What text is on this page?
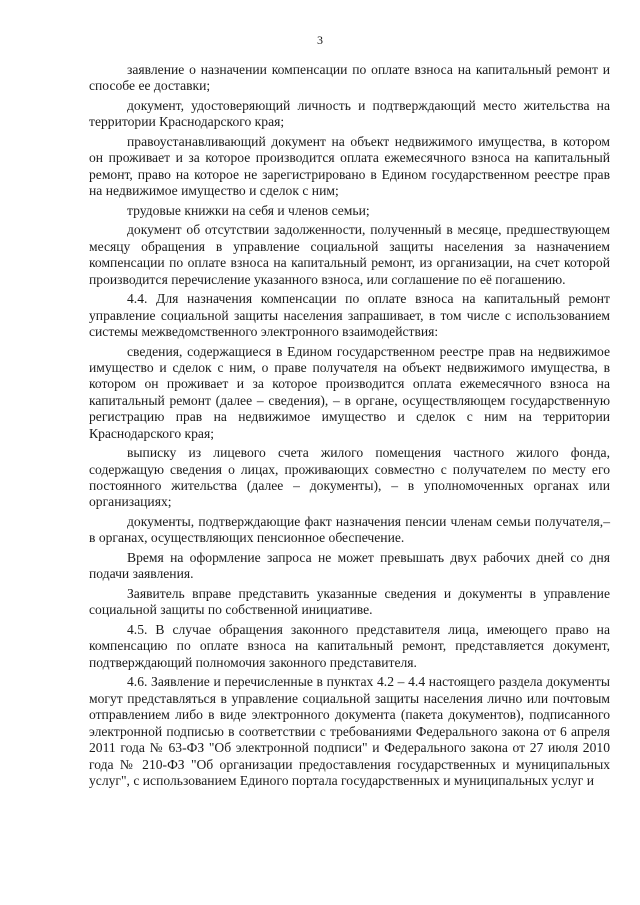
3

заявление о назначении компенсации по оплате взноса на капитальный ремонт и способе ее доставки;

документ, удостоверяющий личность и подтверждающий место жительства на территории Краснодарского края;

правоустанавливающий документ на объект недвижимого имущества, в котором он проживает и за которое производится оплата ежемесячного взноса на капитальный ремонт, право на которое не зарегистрировано в Едином государственном реестре прав на недвижимое имущество и сделок с ним;

трудовые книжки на себя и членов семьи;

документ об отсутствии задолженности, полученный в месяце, предшествующем месяцу обращения в управление социальной защиты населения за назначением компенсации по оплате взноса на капитальный ремонт, из организации, на счет которой производится перечисление указанного взноса, или соглашение по её погашению.

4.4. Для назначения компенсации по оплате взноса на капитальный ремонт управление социальной защиты населения запрашивает, в том числе с использованием системы межведомственного электронного взаимодействия:

сведения, содержащиеся в Едином государственном реестре прав на недвижимое имущество и сделок с ним, о праве получателя на объект недвижимого имущества, в котором он проживает и за которое производится оплата ежемесячного взноса на капитальный ремонт (далее – сведения), – в органе, осуществляющем государственную регистрацию прав на недвижимое имущество и сделок с ним на территории Краснодарского края;

выписку из лицевого счета жилого помещения частного жилого фонда, содержащую сведения о лицах, проживающих совместно с получателем по месту его постоянного жительства (далее – документы), – в уполномоченных органах или организациях;

документы, подтверждающие факт назначения пенсии членам семьи получателя,– в органах, осуществляющих пенсионное обеспечение.

Время на оформление запроса не может превышать двух рабочих дней со дня подачи заявления.

Заявитель вправе представить указанные сведения и документы в управление социальной защиты по собственной инициативе.

4.5. В случае обращения законного представителя лица, имеющего право на компенсацию по оплате взноса на капитальный ремонт, представляется документ, подтверждающий полномочия законного представителя.

4.6. Заявление и перечисленные в пунктах 4.2 – 4.4 настоящего раздела документы могут представляться в управление социальной защиты населения лично или почтовым отправлением либо в виде электронного документа (пакета документов), подписанного электронной подписью в соответствии с требованиями Федерального закона от 6 апреля 2011 года № 63-ФЗ "Об электронной подписи" и Федерального закона от 27 июля 2010 года № 210-ФЗ "Об организации предоставления государственных и муниципальных услуг", с использованием Единого портала государственных и муниципальных услуг и
